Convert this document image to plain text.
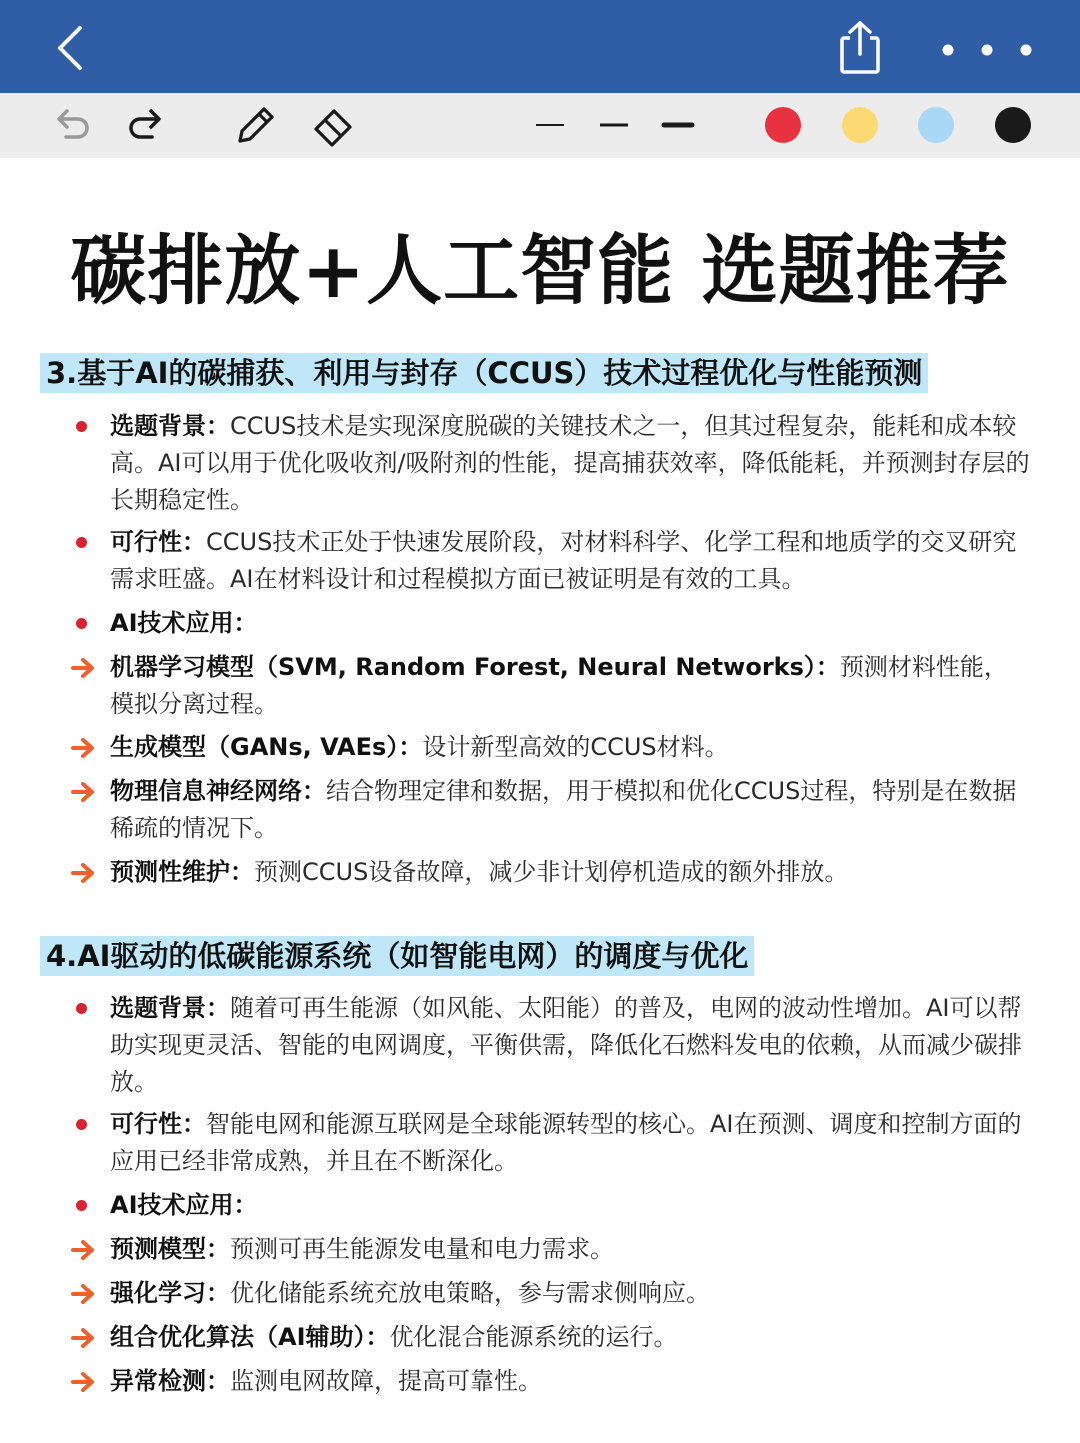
碳排放+人工智能 选题推荐
3.基于AI的碳捕获、利用与封存（CCUS）技术过程优化与性能预测
选题背景：CCUS技术是实现深度脱碳的关键技术之一，但其过程复杂，能耗和成本较高。AI可以用于优化吸收剂/吸附剂的性能，提高捕获效率，降低能耗，并预测封存层的长期稳定性。
可行性：CCUS技术正处于快速发展阶段，对材料科学、化学工程和地质学的交叉研究需求旺盛。AI在材料设计和过程模拟方面已被证明是有效的工具。
AI技术应用：
机器学习模型（SVM, Random Forest, Neural Networks）：预测材料性能，模拟分离过程。
生成模型（GANs, VAEs）：设计新型高效的CCUS材料。
物理信息神经网络：结合物理定律和数据，用于模拟和优化CCUS过程，特别是在数据稀疏的情况下。
预测性维护：预测CCUS设备故障，减少非计划停机造成的额外排放。
4.AI驱动的低碳能源系统（如智能电网）的调度与优化
选题背景：随着可再生能源（如风能、太阳能）的普及，电网的波动性增加。AI可以帮助实现更灵活、智能的电网调度，平衡供需，降低化石燃料发电的依赖，从而减少碳排放。
可行性：智能电网和能源互联网是全球能源转型的核心。AI在预测、调度和控制方面的应用已经非常成熟，并且在不断深化。
AI技术应用：
预测模型：预测可再生能源发电量和电力需求。
强化学习：优化储能系统充放电策略，参与需求侧响应。
组合优化算法（AI辅助）：优化混合能源系统的运行。
异常检测：监测电网故障，提高可靠性。
